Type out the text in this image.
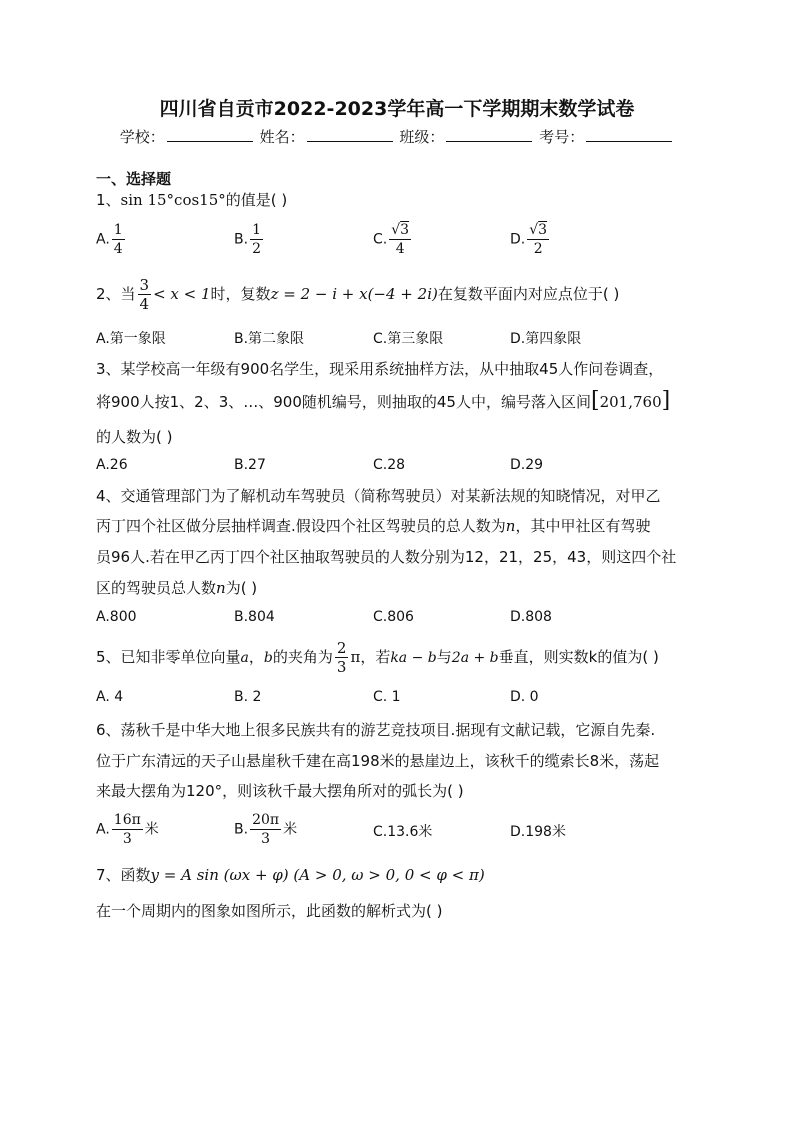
四川省自贡市2022-2023学年高一下学期期末数学试卷
学校：	姓名：	班级：	考号：
一、选择题
1、sin 15°cos15°的值是( )
A. $\frac{1}{4}$	B. $\frac{1}{2}$	C. $\frac{√3}{4}$	D. $\frac{√3}{2}$
2、当 $\frac{3}{4} < x < 1$时，复数z = 2 − i + x(−4 + 2i)在复数平面内对应点位于( )
A.第一象限	B.第二象限	C.第三象限	D.第四象限
3、某学校高一年级有900名学生，现采用系统抽样方法，从中抽取45人作问卷调查，
将900人按1、2、3、…、900随机编号，则抽取的45人中，编号落入区间[201,760]
的人数为( )
A.26	B.27	C.28	D.29
4、交通管理部门为了解机动车驾驶员（简称驾驶员）对某新法规的知晓情况，对甲乙
丙丁四个社区做分层抽样调查.假设四个社区驾驶员的总人数为n，其中甲社区有驾驶
员96人.若在甲乙丙丁四个社区抽取驾驶员的人数分别为12，21，25，43，则这四个社
区的驾驶员总人数n为( )
A.800	B.804	C.806	D.808
5、已知非零单位向量a，b的夹角为 $\frac{2}{3}$ π，若ka − b与2a + b垂直，则实数k的值为( )
A. 4	B. 2	C. 1	D. 0
6、荡秋千是中华大地上很多民族共有的游艺竞技项目.据现有文献记载，它源自先秦.
位于广东清远的天子山悬崖秋千建在高198米的悬崖边上，该秋千的缆索长8米，荡起
来最大摆角为120°，则该秋千最大摆角所对的弧长为( )
A. $\frac{16\pi}{3}$ 米	B. $\frac{20\pi}{3}$ 米	C.13.6米	D.198米
7、函数y = A sin (ωx + φ) (A > 0, ω > 0, 0 < φ < π)
在一个周期内的图象如图所示，此函数的解析式为( )
